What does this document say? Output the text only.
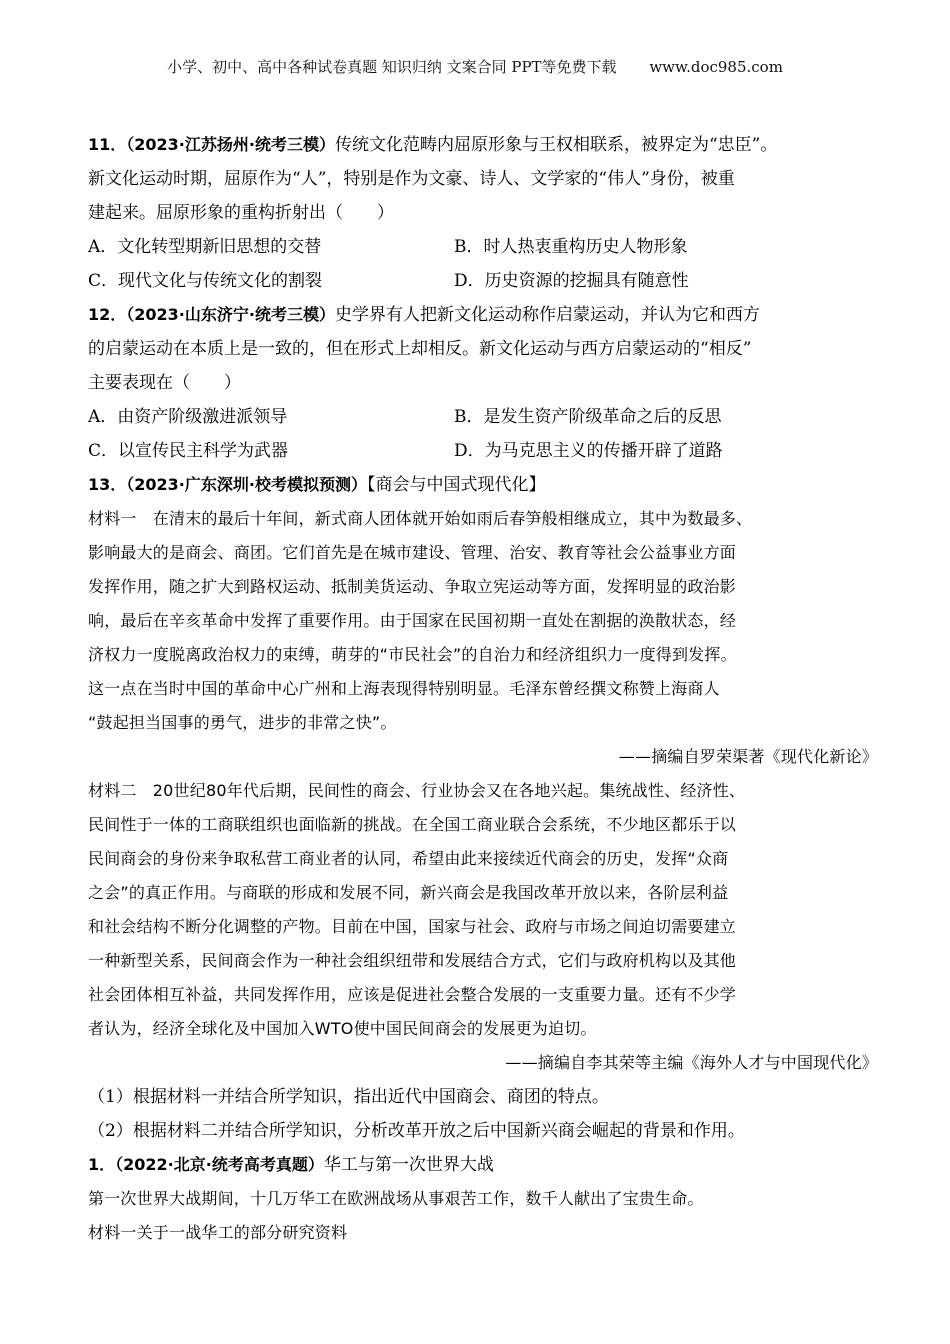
小学、初中、高中各种试卷真题 知识归纳 文案合同 PPT等免费下载 www.doc985.com
11．（2023·江苏扬州·统考三模）传统文化范畴内屈原形象与王权相联系，被界定为“忠臣”。
新文化运动时期，屈原作为“人”，特别是作为文豪、诗人、文学家的“伟人”身份，被重
建起来。屈原形象的重构折射出（　　）
A．文化转型期新旧思想的交替	B．时人热衷重构历史人物形象
C．现代文化与传统文化的割裂	D．历史资源的挖掘具有随意性
12．（2023·山东济宁·统考三模）史学界有人把新文化运动称作启蒙运动，并认为它和西方
的启蒙运动在本质上是一致的，但在形式上却相反。新文化运动与西方启蒙运动的“相反”
主要表现在（　　）
A．由资产阶级激进派领导	B．是发生资产阶级革命之后的反思
C．以宣传民主科学为武器	D．为马克思主义的传播开辟了道路
13．（2023·广东深圳·校考模拟预测）【商会与中国式现代化】
材料一　在清末的最后十年间，新式商人团体就开始如雨后春笋般相继成立，其中为数最多、
影响最大的是商会、商团。它们首先是在城市建设、管理、治安、教育等社会公益事业方面
发挥作用，随之扩大到路权运动、抵制美货运动、争取立宪运动等方面，发挥明显的政治影
响，最后在辛亥革命中发挥了重要作用。由于国家在民国初期一直处在割据的涣散状态，经
济权力一度脱离政治权力的束缚，萌芽的“市民社会”的自治力和经济组织力一度得到发挥。
这一点在当时中国的革命中心广州和上海表现得特别明显。毛泽东曾经撰文称赞上海商人
“鼓起担当国事的勇气，进步的非常之快”。
——摘编自罗荣渠著《现代化新论》
材料二　20世纪80年代后期，民间性的商会、行业协会又在各地兴起。集统战性、经济性、
民间性于一体的工商联组织也面临新的挑战。在全国工商业联合会系统，不少地区都乐于以
民间商会的身份来争取私营工商业者的认同，希望由此来接续近代商会的历史，发挥“众商
之会”的真正作用。与商联的形成和发展不同，新兴商会是我国改革开放以来，各阶层利益
和社会结构不断分化调整的产物。目前在中国，国家与社会、政府与市场之间迫切需要建立
一种新型关系，民间商会作为一种社会组织纽带和发展结合方式，它们与政府机构以及其他
社会团体相互补益，共同发挥作用，应该是促进社会整合发展的一支重要力量。还有不少学
者认为，经济全球化及中国加入WTO使中国民间商会的发展更为迫切。
——摘编自李其荣等主编《海外人才与中国现代化》
（1）根据材料一并结合所学知识，指出近代中国商会、商团的特点。
（2）根据材料二并结合所学知识，分析改革开放之后中国新兴商会崛起的背景和作用。
1．（2022·北京·统考高考真题）华工与第一次世界大战
第一次世界大战期间，十几万华工在欧洲战场从事艰苦工作，数千人献出了宝贵生命。
材料一关于一战华工的部分研究资料
